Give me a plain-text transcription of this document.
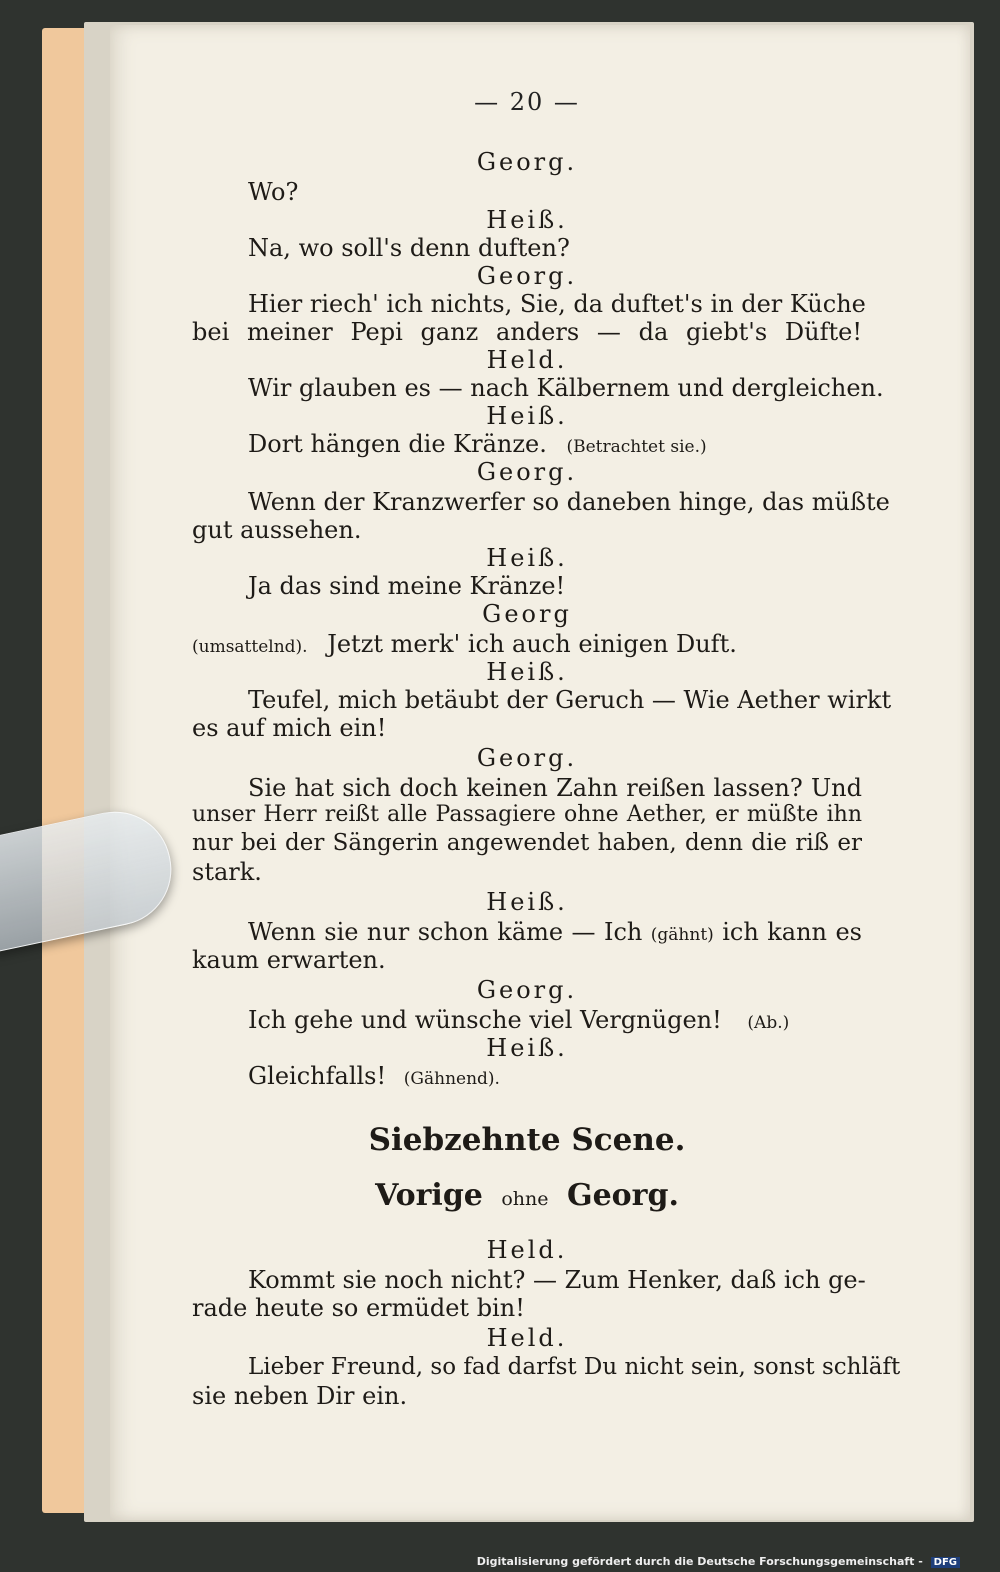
— 20 —
Georg.
Wo?
Heiß.
Na, wo soll's denn duften?
Georg.
Hier riech' ich nichts, Sie, da duftet's in der Küche
bei meiner Pepi ganz anders — da giebt's Düfte!
Held.
Wir glauben es — nach Kälbernem und dergleichen.
Heiß.
Dort hängen die Kränze. (Betrachtet sie.)
Georg.
Wenn der Kranzwerfer so daneben hinge, das müßte
gut aussehen.
Heiß.
Ja das sind meine Kränze!
Georg
(umsattelnd). Jetzt merk' ich auch einigen Duft.
Heiß.
Teufel, mich betäubt der Geruch — Wie Aether wirkt
es auf mich ein!
Georg.
Sie hat sich doch keinen Zahn reißen lassen? Und
unser Herr reißt alle Passagiere ohne Aether, er müßte ihn
nur bei der Sängerin angewendet haben, denn die riß er
stark.
Heiß.
Wenn sie nur schon käme — Ich (gähnt) ich kann es
kaum erwarten.
Georg.
Ich gehe und wünsche viel Vergnügen! (Ab.)
Heiß.
Gleichfalls! (Gähnend).
Siebzehnte Scene.
Vorige ohne Georg.
Held.
Kommt sie noch nicht? — Zum Henker, daß ich ge-
rade heute so ermüdet bin!
Held.
Lieber Freund, so fad darfst Du nicht sein, sonst schläft
sie neben Dir ein.
Digitalisierung gefördert durch die Deutsche Forschungsgemeinschaft - DFG
